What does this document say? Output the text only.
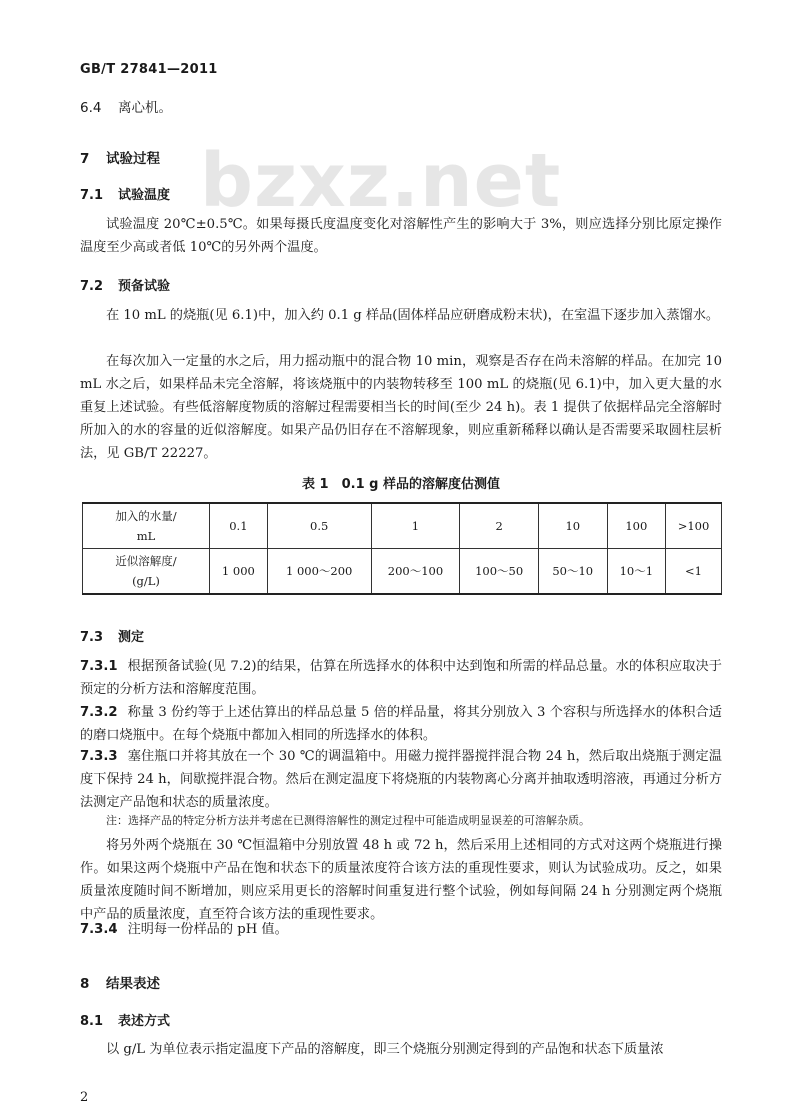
GB/T 27841—2011
bzxz.net
6.4 离心机。
7 试验过程
7.1 试验温度
试验温度 20℃±0.5℃。如果每摄氏度温度变化对溶解性产生的影响大于 3%，则应选择分别比原定操作温度至少高或者低 10℃的另外两个温度。
7.2 预备试验
在 10 mL 的烧瓶(见 6.1)中，加入约 0.1 g 样品(固体样品应研磨成粉末状)，在室温下逐步加入蒸馏水。
在每次加入一定量的水之后，用力摇动瓶中的混合物 10 min，观察是否存在尚未溶解的样品。在加完 10 mL 水之后，如果样品未完全溶解，将该烧瓶中的内装物转移至 100 mL 的烧瓶(见 6.1)中，加入更大量的水重复上述试验。有些低溶解度物质的溶解过程需要相当长的时间(至少 24 h)。表 1 提供了依据样品完全溶解时所加入的水的容量的近似溶解度。如果产品仍旧存在不溶解现象，则应重新稀释以确认是否需要采取圆柱层析法，见 GB/T 22227。
表 1　0.1 g 样品的溶解度估测值
加入的水量/
mL	0.1	0.5	1	2	10	100	>100
近似溶解度/
(g/L)	1 000	1 000～200	200～100	100～50	50～10	10～1	<1
7.3 测定
7.3.1 根据预备试验(见 7.2)的结果，估算在所选择水的体积中达到饱和所需的样品总量。水的体积应取决于预定的分析方法和溶解度范围。
7.3.2 称量 3 份约等于上述估算出的样品总量 5 倍的样品量，将其分别放入 3 个容积与所选择水的体积合适的磨口烧瓶中。在每个烧瓶中都加入相同的所选择水的体积。
7.3.3 塞住瓶口并将其放在一个 30 ℃的调温箱中。用磁力搅拌器搅拌混合物 24 h，然后取出烧瓶于测定温度下保持 24 h，间歇搅拌混合物。然后在测定温度下将烧瓶的内装物离心分离并抽取透明溶液，再通过分析方法测定产品饱和状态的质量浓度。
注：选择产品的特定分析方法并考虑在已测得溶解性的测定过程中可能造成明显误差的可溶解杂质。
将另外两个烧瓶在 30 ℃恒温箱中分别放置 48 h 或 72 h，然后采用上述相同的方式对这两个烧瓶进行操作。如果这两个烧瓶中产品在饱和状态下的质量浓度符合该方法的重现性要求，则认为试验成功。反之，如果质量浓度随时间不断增加，则应采用更长的溶解时间重复进行整个试验，例如每间隔 24 h 分别测定两个烧瓶中产品的质量浓度，直至符合该方法的重现性要求。
7.3.4 注明每一份样品的 pH 值。
8 结果表述
8.1 表述方式
以 g/L 为单位表示指定温度下产品的溶解度，即三个烧瓶分别测定得到的产品饱和状态下质量浓
2
